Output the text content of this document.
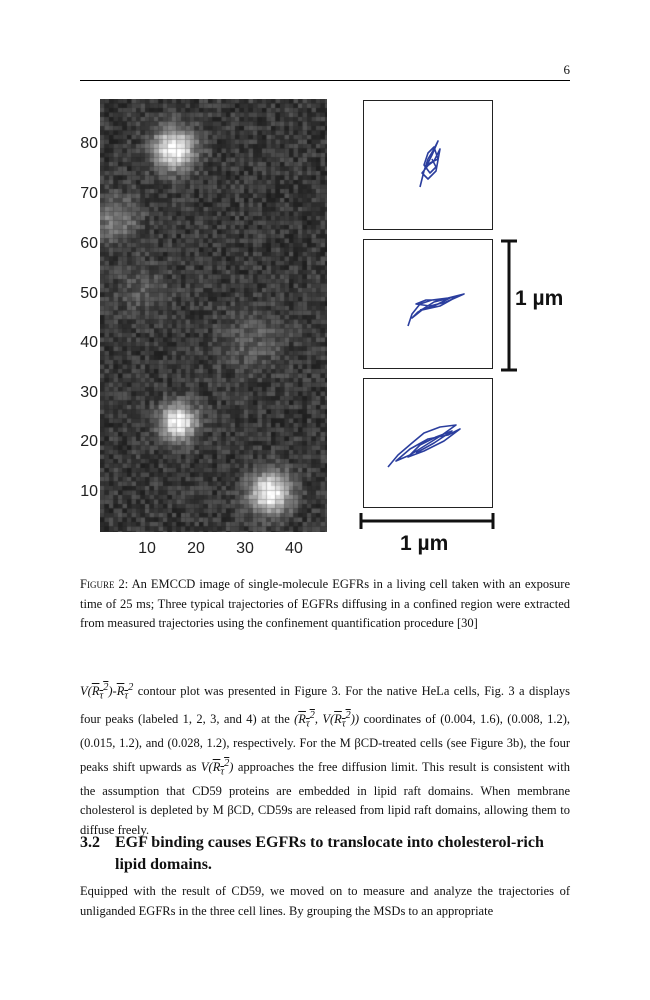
6
80
70
60
50
40
30
20
10
10	20	30	40
1 µm
1 µm
Figure 2: An EMCCD image of single-molecule EGFRs in a living cell taken with an exposure time of 25 ms; Three typical trajectories of EGFRs diffusing in a confined region were extracted from measured trajectories using the confinement quantification procedure [30]
$V(R_\tau^2)-R_\tau^2$ contour plot was presented in Figure 3. For the native HeLa cells, Fig. 3 a displays four peaks (labeled 1, 2, 3, and 4) at the ($R_\tau^2$, $V(R_\tau^2)$) coordinates of (0.004, 1.6), (0.008, 1.2), (0.015, 1.2), and (0.028, 1.2), respectively. For the M βCD-treated cells (see Figure 3b), the four peaks shift upwards as $V(R_\tau^2)$ approaches the free diffusion limit. This result is consistent with the assumption that CD59 proteins are embedded in lipid raft domains. When membrane cholesterol is depleted by M βCD, CD59s are released from lipid raft domains, allowing them to diffuse freely.
3.2 EGF binding causes EGFRs to translocate into cholesterol-rich lipid domains.
Equipped with the result of CD59, we moved on to measure and analyze the trajectories of unliganded EGFRs in the three cell lines. By grouping the MSDs to an appropriate
